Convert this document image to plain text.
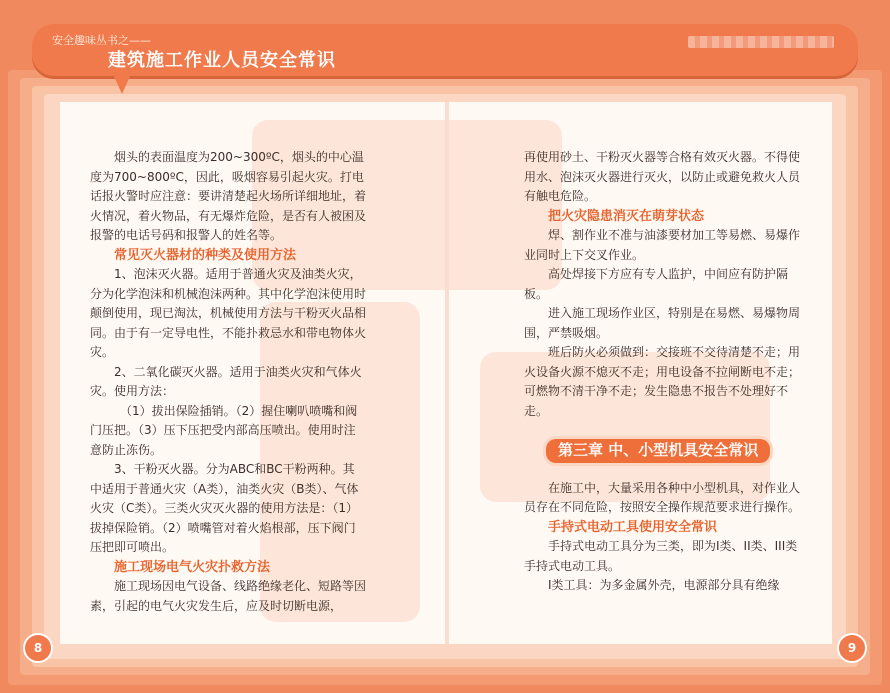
安全趣味丛书之——
建筑施工作业人员安全常识

烟头的表面温度为200~300ºC，烟头的中心温度为700~800ºC，因此，吸烟容易引起火灾。打电话报火警时应注意：要讲清楚起火场所详细地址，着火情况，着火物品，有无爆炸危险，是否有人被困及报警的电话号码和报警人的姓名等。

常见灭火器材的种类及使用方法

1、泡沫灭火器。适用于普通火灾及油类火灾，分为化学泡沫和机械泡沫两种。其中化学泡沫使用时颠倒使用，现已淘汰，机械使用方法与干粉灭火品相同。由于有一定导电性，不能扑救忌水和带电物体火灾。

2、二氧化碳灭火器。适用于油类火灾和气体火灾。使用方法：

（1）拔出保险插销。（2）握住喇叭喷嘴和阀门压把。（3）压下压把受内部高压喷出。使用时注意防止冻伤。

3、干粉灭火器。分为ABC和BC干粉两种。其中适用于普通火灾（A类），油类火灾（B类）、气体火灾（C类）。三类火灾灭火器的使用方法是：（1）拔掉保险销。（2）喷嘴管对着火焰根部，压下阀门压把即可喷出。

施工现场电气火灾扑救方法

施工现场因电气设备、线路绝缘老化、短路等因素，引起的电气火灾发生后，应及时切断电源，

再使用砂土、干粉灭火器等合格有效灭火器。不得使用水、泡沫灭火器进行灭火，以防止或避免救火人员有触电危险。

把火灾隐患消灭在萌芽状态

焊、割作业不准与油漆要材加工等易燃、易爆作业同时上下交叉作业。

高处焊接下方应有专人监护，中间应有防护隔板。

进入施工现场作业区，特别是在易燃、易爆物周围，严禁吸烟。

班后防火必须做到：交接班不交待清楚不走；用火设备火源不熄灭不走；用电设备不拉闸断电不走；可燃物不清干净不走；发生隐患不报告不处理好不走。

第三章 中、小型机具安全常识

在施工中，大量采用各种中小型机具，对作业人员存在不同危险，按照安全操作规范要求进行操作。

手持式电动工具使用安全常识

手持式电动工具分为三类，即为I类、II类、III类手持式电动工具。

I类工具：为多金属外壳，电源部分具有绝缘

8	9
